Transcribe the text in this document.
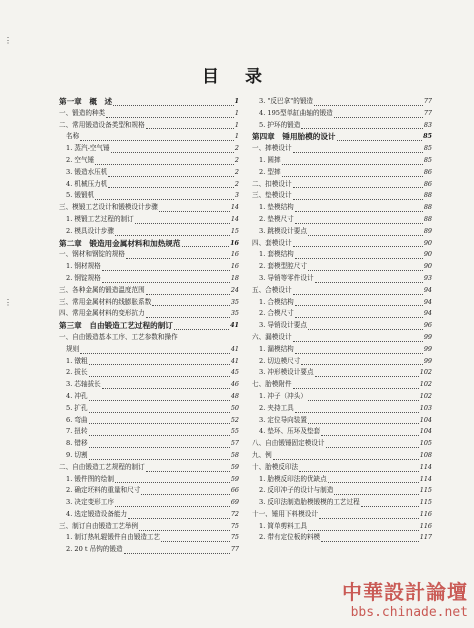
⋮
⋮
目 录
第一章　概　述	1
一、锻造的种类	1
二、常用锻造设备类型和规格	1
名称	1
1. 蒸汽-空气锤	2
2. 空气锤	2
3. 锻造水压机	2
4. 机械压力机	2
5. 锻锻机	3
三、模锻工艺设计和锻模设计步骤	14
1. 模锻工艺过程的制订	14
2. 模具设计步骤	15
第二章　锻造用金属材料和加热规范	16
一、钢材和钢锭的规格	16
1. 钢材规格	16
2. 钢锭规格	18
三、各种金属的锻造温度范围	24
三、常用金属材料的线膨胀系数	35
四、常用金属材料的变形抗力	35
第三章　自由锻造工艺过程的制订	41
一、自由锻造基本工序、工艺参数和操作
规则	41
1. 镦粗	41
2. 拔长	45
3. 芯轴拔长	46
4. 冲孔	48
5. 扩孔	50
6. 弯曲	52
7. 扭转	55
8. 错移	57
9. 切割	58
二、自由锻造工艺规程的制订	59
1. 锻件图的绘制	59
2. 确定坯料的重量和尺寸	66
3. 决定变形工序	69
4. 选定锻造设备能力	72
三、制订自由锻造工艺举例	75
1. 制订热轧辊锻件自由锻造工艺	75
2. 20 t 吊钩的锻造	77
3. "反巴拿"的锻造	77
4. 195型单缸曲轴的锻造	77
5. 护环的锻造	83
第四章　锤用胎模的设计	85
一、摔模设计	85
1. 圆摔	85
2. 型摔	86
二、扣模设计	86
三、垫模设计	88
1. 垫模结构	88
2. 垫模尺寸	88
3. 跳模设计要点	89
四、套模设计	90
1. 套模结构	90
2. 套模型腔尺寸	90
3. 导销等零件设计	93
五、合模设计	94
1. 合模结构	94
2. 合模尺寸	94
3. 导销设计要点	96
六、漏模设计	99
1. 漏模结构	99
2. 切边模尺寸	99
3. 冲形模设计要点	102
七、胎模附件	102
1. 冲子（冲头）	102
2. 夹持工具	103
3. 定位导向装置	104
4. 垫环、压环及垫套	104
八、自由锻锤固定模设计	105
九、例	108
十、胎模反印法	114
1. 胎模反印法的优缺点	114
2. 反印冲子的设计与制造	115
3. 反印法制造胎模锻模的工艺过程	115
十一、锤用下料模设计	116
1. 简单剪料工具	116
2. 带有定位板的料模	117
中華設計論壇
bbs.chinade.net
